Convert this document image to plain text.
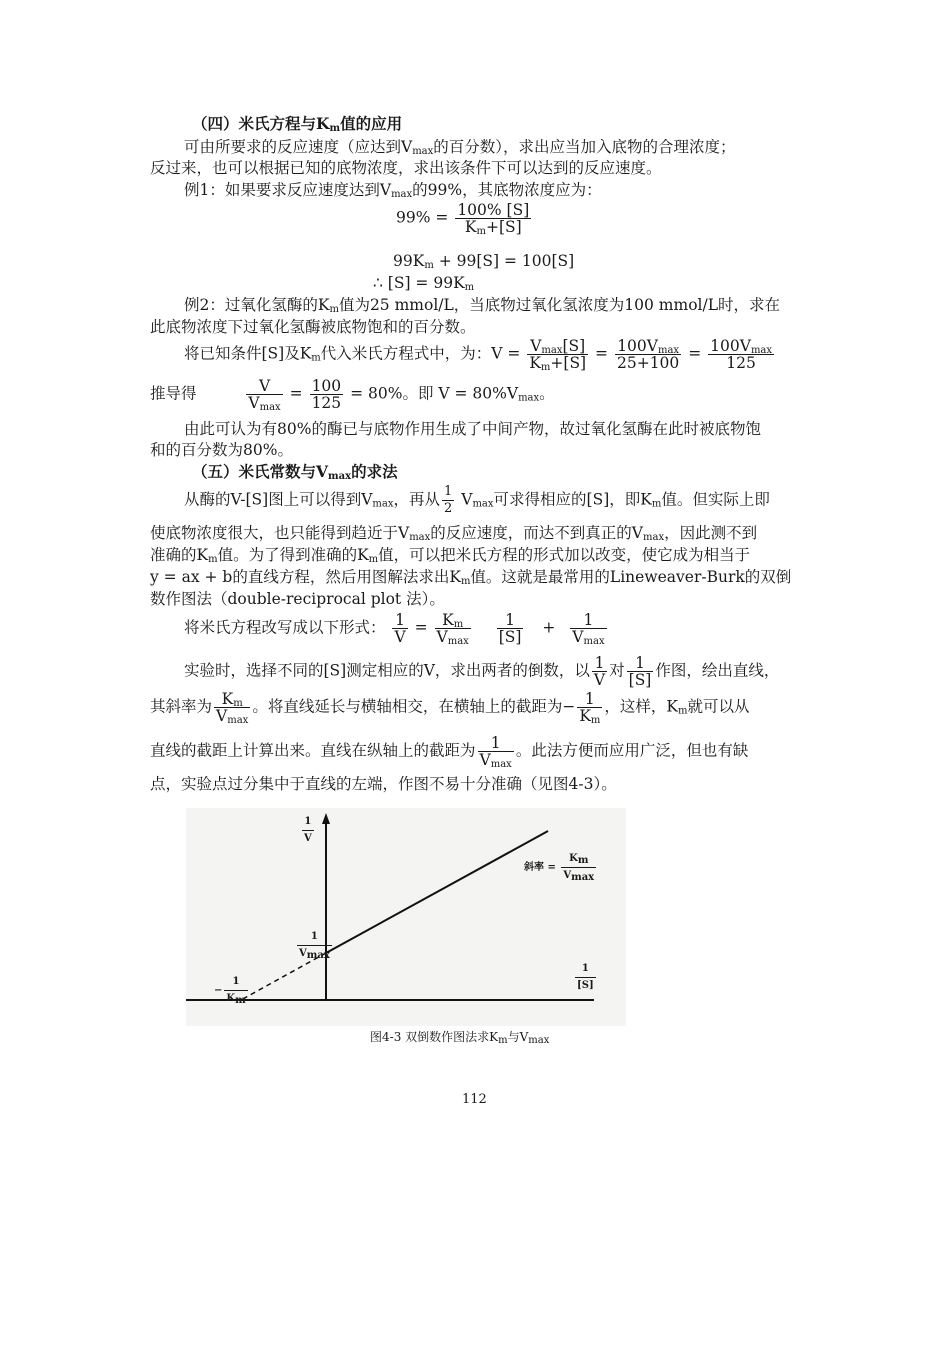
（四）米氏方程与$K_m$值的应用
可由所要求的反应速度（应达到$V_{max}$的百分数），求出应当加入底物的合理浓度；
反过来，也可以根据已知的底物浓度，求出该条件下可以达到的反应速度。
例1：如果要求反应速度达到$V_{max}$的99%，其底物浓度应为：
$99\% = \frac{100\% [S]}{K_m+[S]}$
$99K_m + 99[S] = 100[S]$
∴ $[S] = 99K_m$
例2：过氧化氢酶的$K_m$值为25 mmol/L，当底物过氧化氢浓度为100 mmol/L时，求在
此底物浓度下过氧化氢酶被底物饱和的百分数。
将已知条件[S]及$K_m$代入米氏方程式中，为：$V = \frac{V_{max}[S]}{K_m+[S]} = \frac{100V_{max}}{25+100} = \frac{100V_{max}}{125}$
推导得	$\frac{V}{V_{max}} = \frac{100}{125} = 80\%$。即 $V = 80\%V_{max}$。
由此可认为有80%的酶已与底物作用生成了中间产物，故过氧化氢酶在此时被底物饱
和的百分数为80%。
（五）米氏常数与$V_{max}$的求法
从酶的V-[S]图上可以得到$V_{max}$，再从 $\frac{1}{2} V_{max}$可求得相应的[S]，即$K_m$值。但实际上即
使底物浓度很大，也只能得到趋近于$V_{max}$的反应速度，而达不到真正的$V_{max}$，因此测不到
准确的$K_m$值。为了得到准确的$K_m$值，可以把米氏方程的形式加以改变，使它成为相当于
y = ax + b的直线方程，然后用图解法求出$K_m$值。这就是最常用的Lineweaver-Burk的双倒
数作图法（double-reciprocal plot 法）。
将米氏方程改写成以下形式： $\frac{1}{V} = \frac{K_m}{V_{max}}$
$\frac{1}{[S]} + \frac{1}{V_{max}}$
实验时，选择不同的[S]测定相应的V，求出两者的倒数，以 $\frac{1}{V}$ 对 $\frac{1}{[S]}$ 作图，绘出直线，
其斜率为 $\frac{K_m}{V_{max}}$ 。将直线延长与横轴相交，在横轴上的截距为− $\frac{1}{K_m}$ ，这样，$K_m$就可以从
直线的截距上计算出来。直线在纵轴上的截距为 $\frac{1}{V_{max}}$ 。此法方便而应用广泛，但也有缺
点，实验点过分集中于直线的左端，作图不易十分准确（见图4-3）。
$\frac{1}{V}$
$\frac{1}{[S]}$
斜率 = $\frac{K_m}{V_{max}}$
$\frac{1}{V_{max}}$
− $\frac{1}{K_m}$
图4-3 双倒数作图法求$K_m$与$V_{max}$
112
